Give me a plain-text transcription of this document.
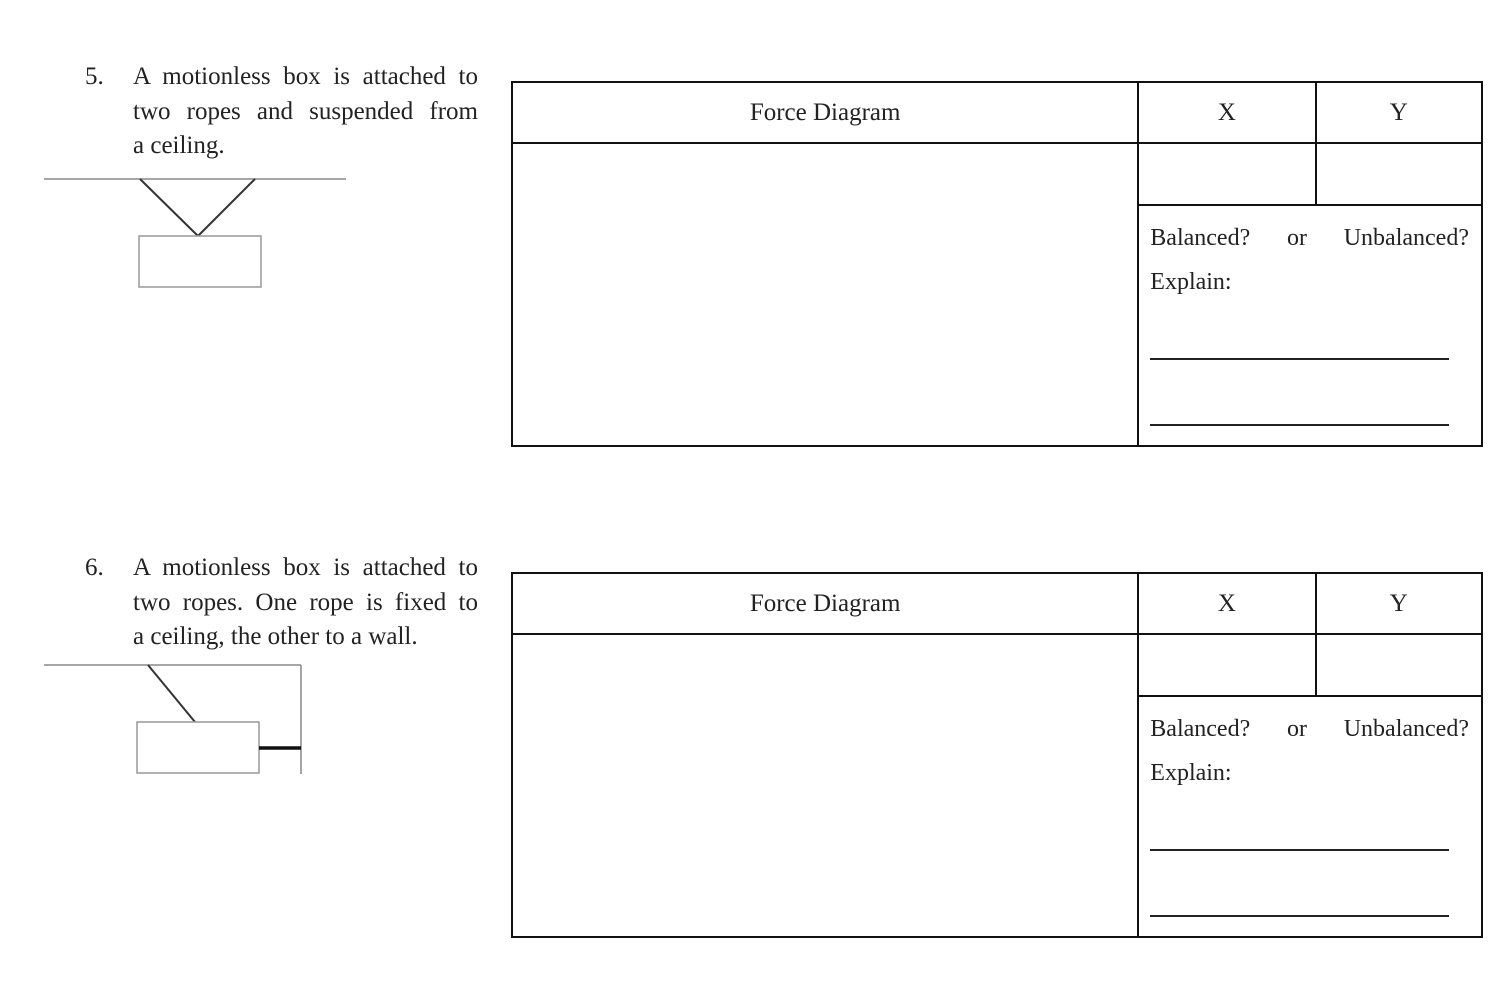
5. A motionless box is attached to
two ropes and suspended from
a ceiling.
Force Diagram	X	Y

	Balanced? or Unbalanced?
Explain:	
6. A motionless box is attached to
two ropes. One rope is fixed to
a ceiling, the other to a wall.
Force Diagram	X	Y

	Balanced? or Unbalanced?
Explain:	
